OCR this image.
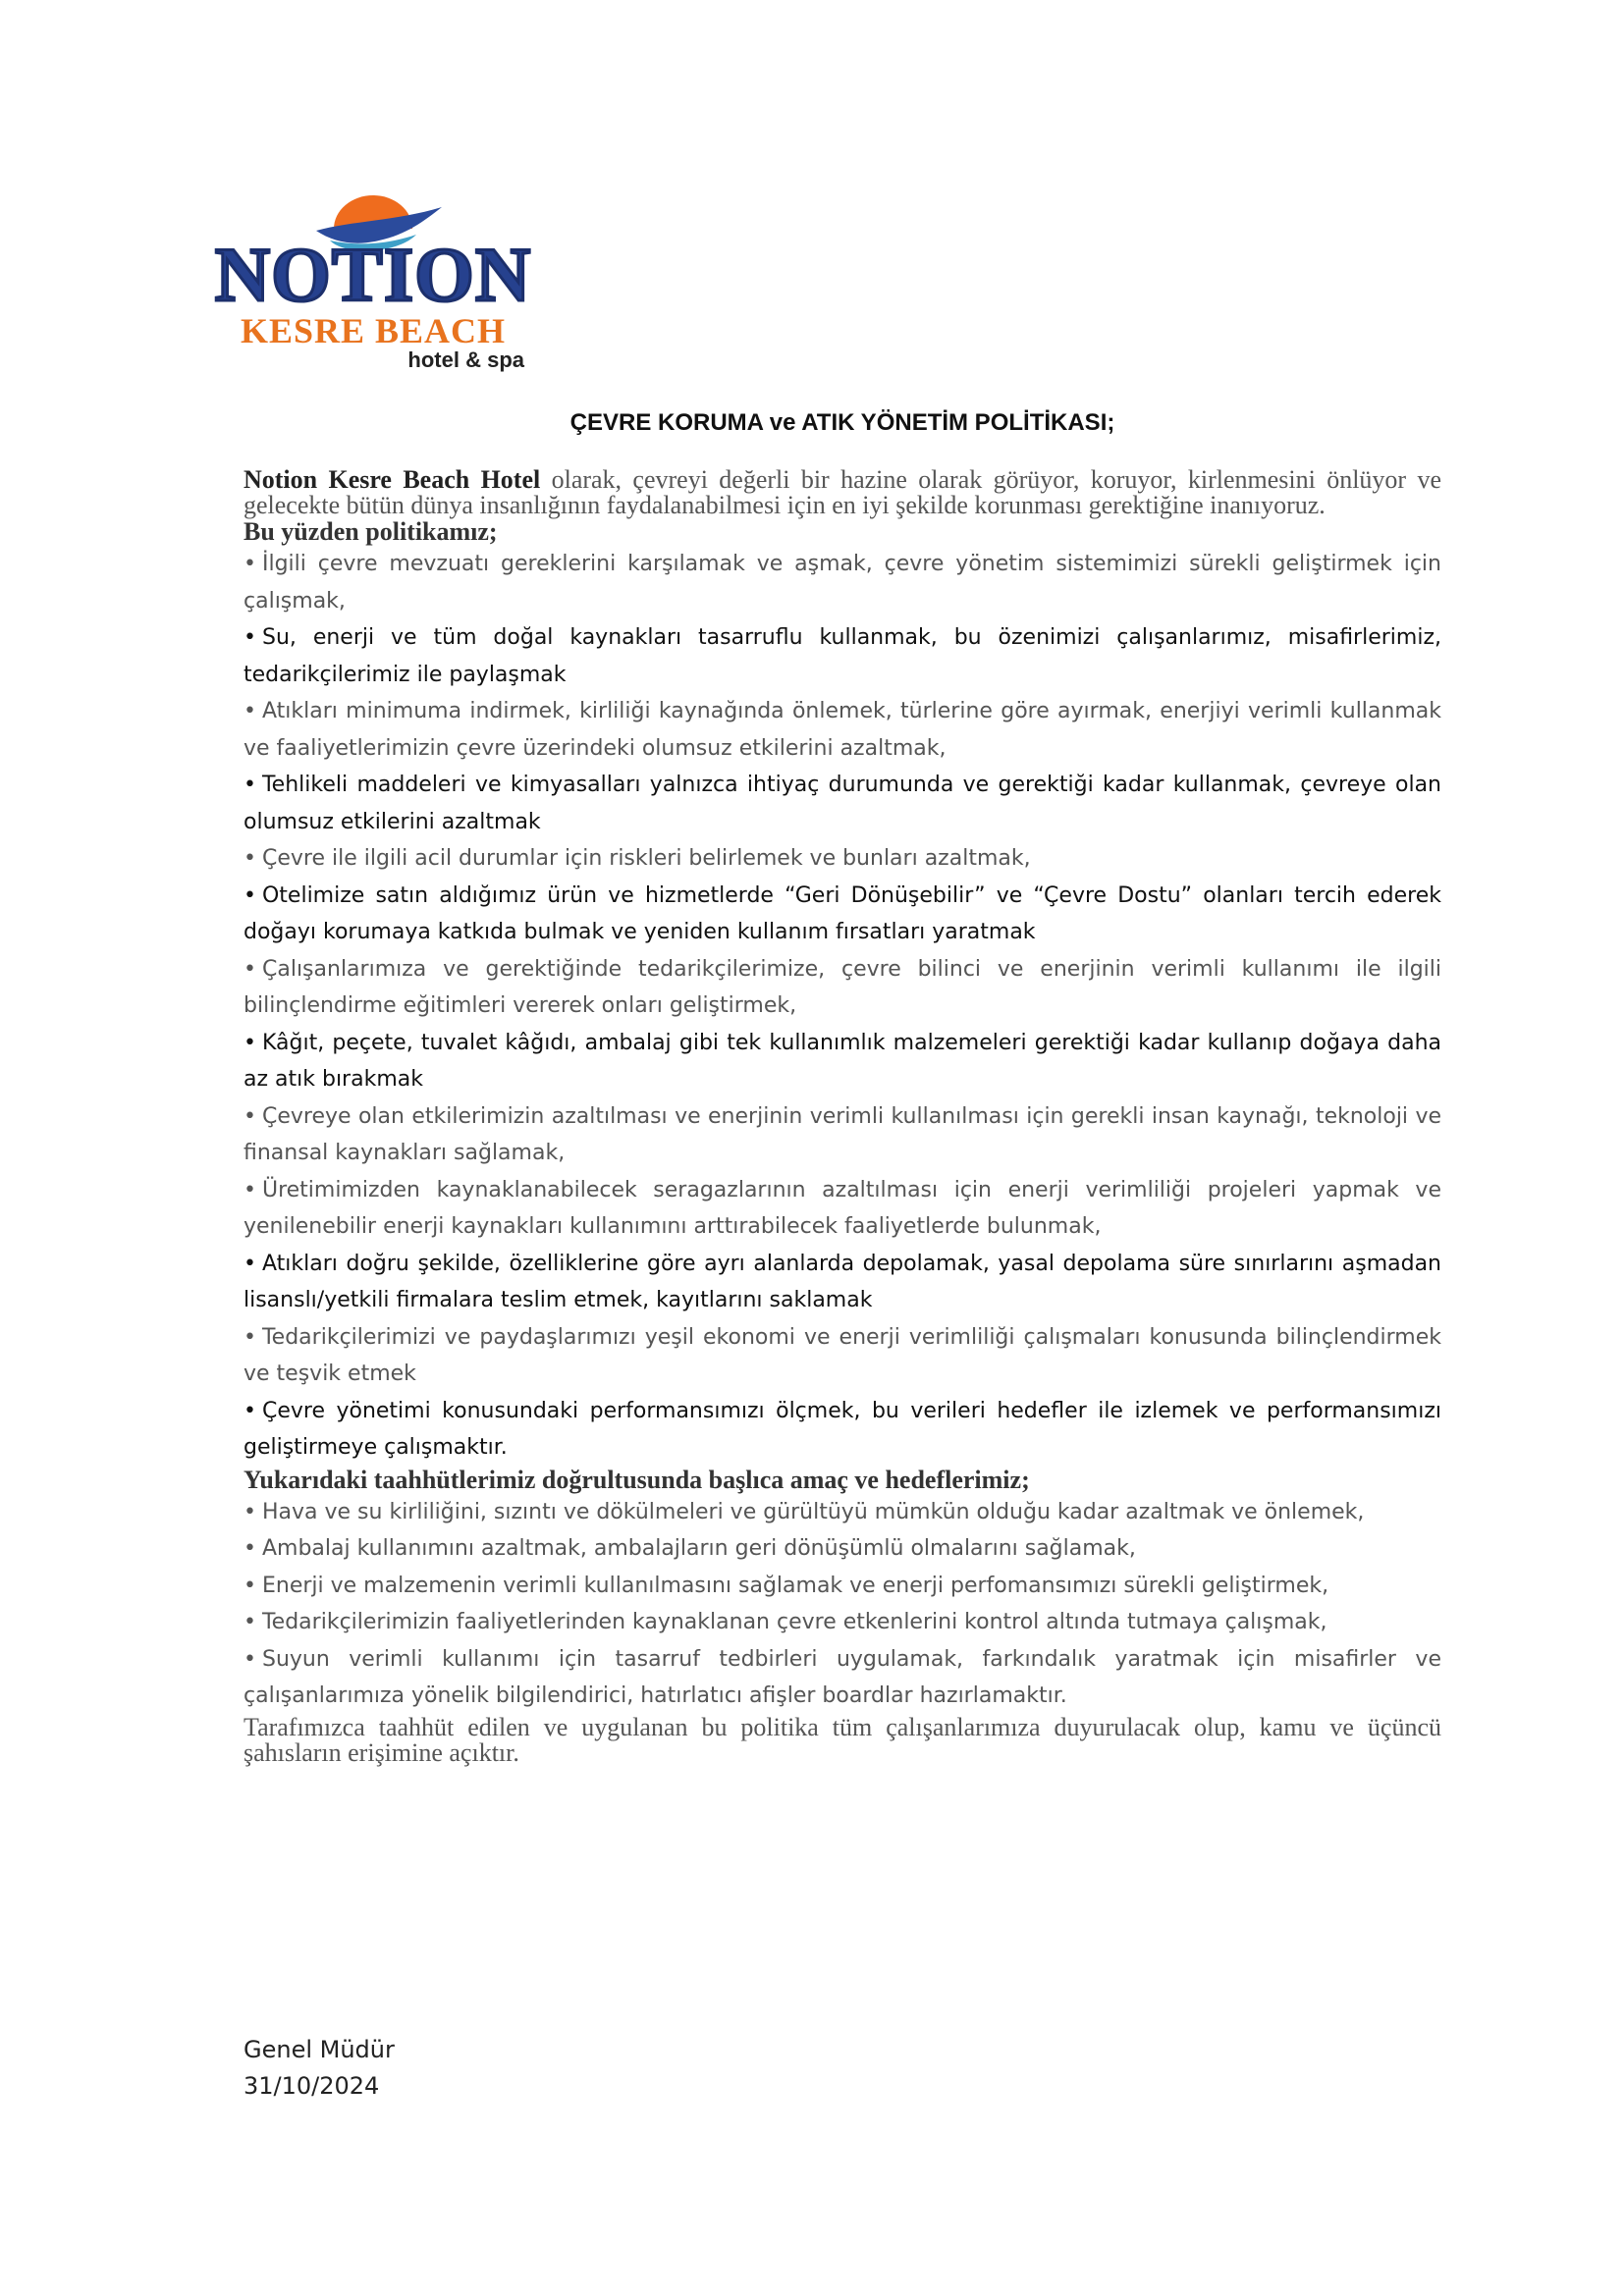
NOTION
KESRE BEACH
hotel & spa
ÇEVRE KORUMA ve ATIK YÖNETİM POLİTİKASI;

Notion Kesre Beach Hotel olarak, çevreyi değerli bir hazine olarak görüyor, koruyor, kirlenmesini önlüyor ve gelecekte bütün dünya insanlığının faydalanabilmesi için en iyi şekilde korunması gerektiğine inanıyoruz.

Bu yüzden politikamız;

• İlgili çevre mevzuatı gereklerini karşılamak ve aşmak, çevre yönetim sistemimizi sürekli geliştirmek için çalışmak,

• Su, enerji ve tüm doğal kaynakları tasarruflu kullanmak, bu özenimizi çalışanlarımız, misafirlerimiz, tedarikçilerimiz ile paylaşmak

• Atıkları minimuma indirmek, kirliliği kaynağında önlemek, türlerine göre ayırmak, enerjiyi verimli kullanmak ve faaliyetlerimizin çevre üzerindeki olumsuz etkilerini azaltmak,

• Tehlikeli maddeleri ve kimyasalları yalnızca ihtiyaç durumunda ve gerektiği kadar kullanmak, çevreye olan olumsuz etkilerini azaltmak

• Çevre ile ilgili acil durumlar için riskleri belirlemek ve bunları azaltmak,

• Otelimize satın aldığımız ürün ve hizmetlerde “Geri Dönüşebilir” ve “Çevre Dostu” olanları tercih ederek doğayı korumaya katkıda bulmak ve yeniden kullanım fırsatları yaratmak

• Çalışanlarımıza ve gerektiğinde tedarikçilerimize, çevre bilinci ve enerjinin verimli kullanımı ile ilgili bilinçlendirme eğitimleri vererek onları geliştirmek,

• Kâğıt, peçete, tuvalet kâğıdı, ambalaj gibi tek kullanımlık malzemeleri gerektiği kadar kullanıp doğaya daha az atık bırakmak

• Çevreye olan etkilerimizin azaltılması ve enerjinin verimli kullanılması için gerekli insan kaynağı, teknoloji ve finansal kaynakları sağlamak,

• Üretimimizden kaynaklanabilecek seragazlarının azaltılması için enerji verimliliği projeleri yapmak ve yenilenebilir enerji kaynakları kullanımını arttırabilecek faaliyetlerde bulunmak,

• Atıkları doğru şekilde, özelliklerine göre ayrı alanlarda depolamak, yasal depolama süre sınırlarını aşmadan lisanslı/yetkili firmalara teslim etmek, kayıtlarını saklamak

• Tedarikçilerimizi ve paydaşlarımızı yeşil ekonomi ve enerji verimliliği çalışmaları konusunda bilinçlendirmek ve teşvik etmek

• Çevre yönetimi konusundaki performansımızı ölçmek, bu verileri hedefler ile izlemek ve performansımızı geliştirmeye çalışmaktır.

Yukarıdaki taahhütlerimiz doğrultusunda başlıca amaç ve hedeflerimiz;

• Hava ve su kirliliğini, sızıntı ve dökülmeleri ve gürültüyü mümkün olduğu kadar azaltmak ve önlemek,

• Ambalaj kullanımını azaltmak, ambalajların geri dönüşümlü olmalarını sağlamak,

• Enerji ve malzemenin verimli kullanılmasını sağlamak ve enerji perfomansımızı sürekli geliştirmek,

• Tedarikçilerimizin faaliyetlerinden kaynaklanan çevre etkenlerini kontrol altında tutmaya çalışmak,

• Suyun verimli kullanımı için tasarruf tedbirleri uygulamak, farkındalık yaratmak için misafirler ve çalışanlarımıza yönelik bilgilendirici, hatırlatıcı afişler boardlar hazırlamaktır.

Tarafımızca taahhüt edilen ve uygulanan bu politika tüm çalışanlarımıza duyurulacak olup, kamu ve üçüncü şahısların erişimine açıktır.

Genel Müdür
31/10/2024
